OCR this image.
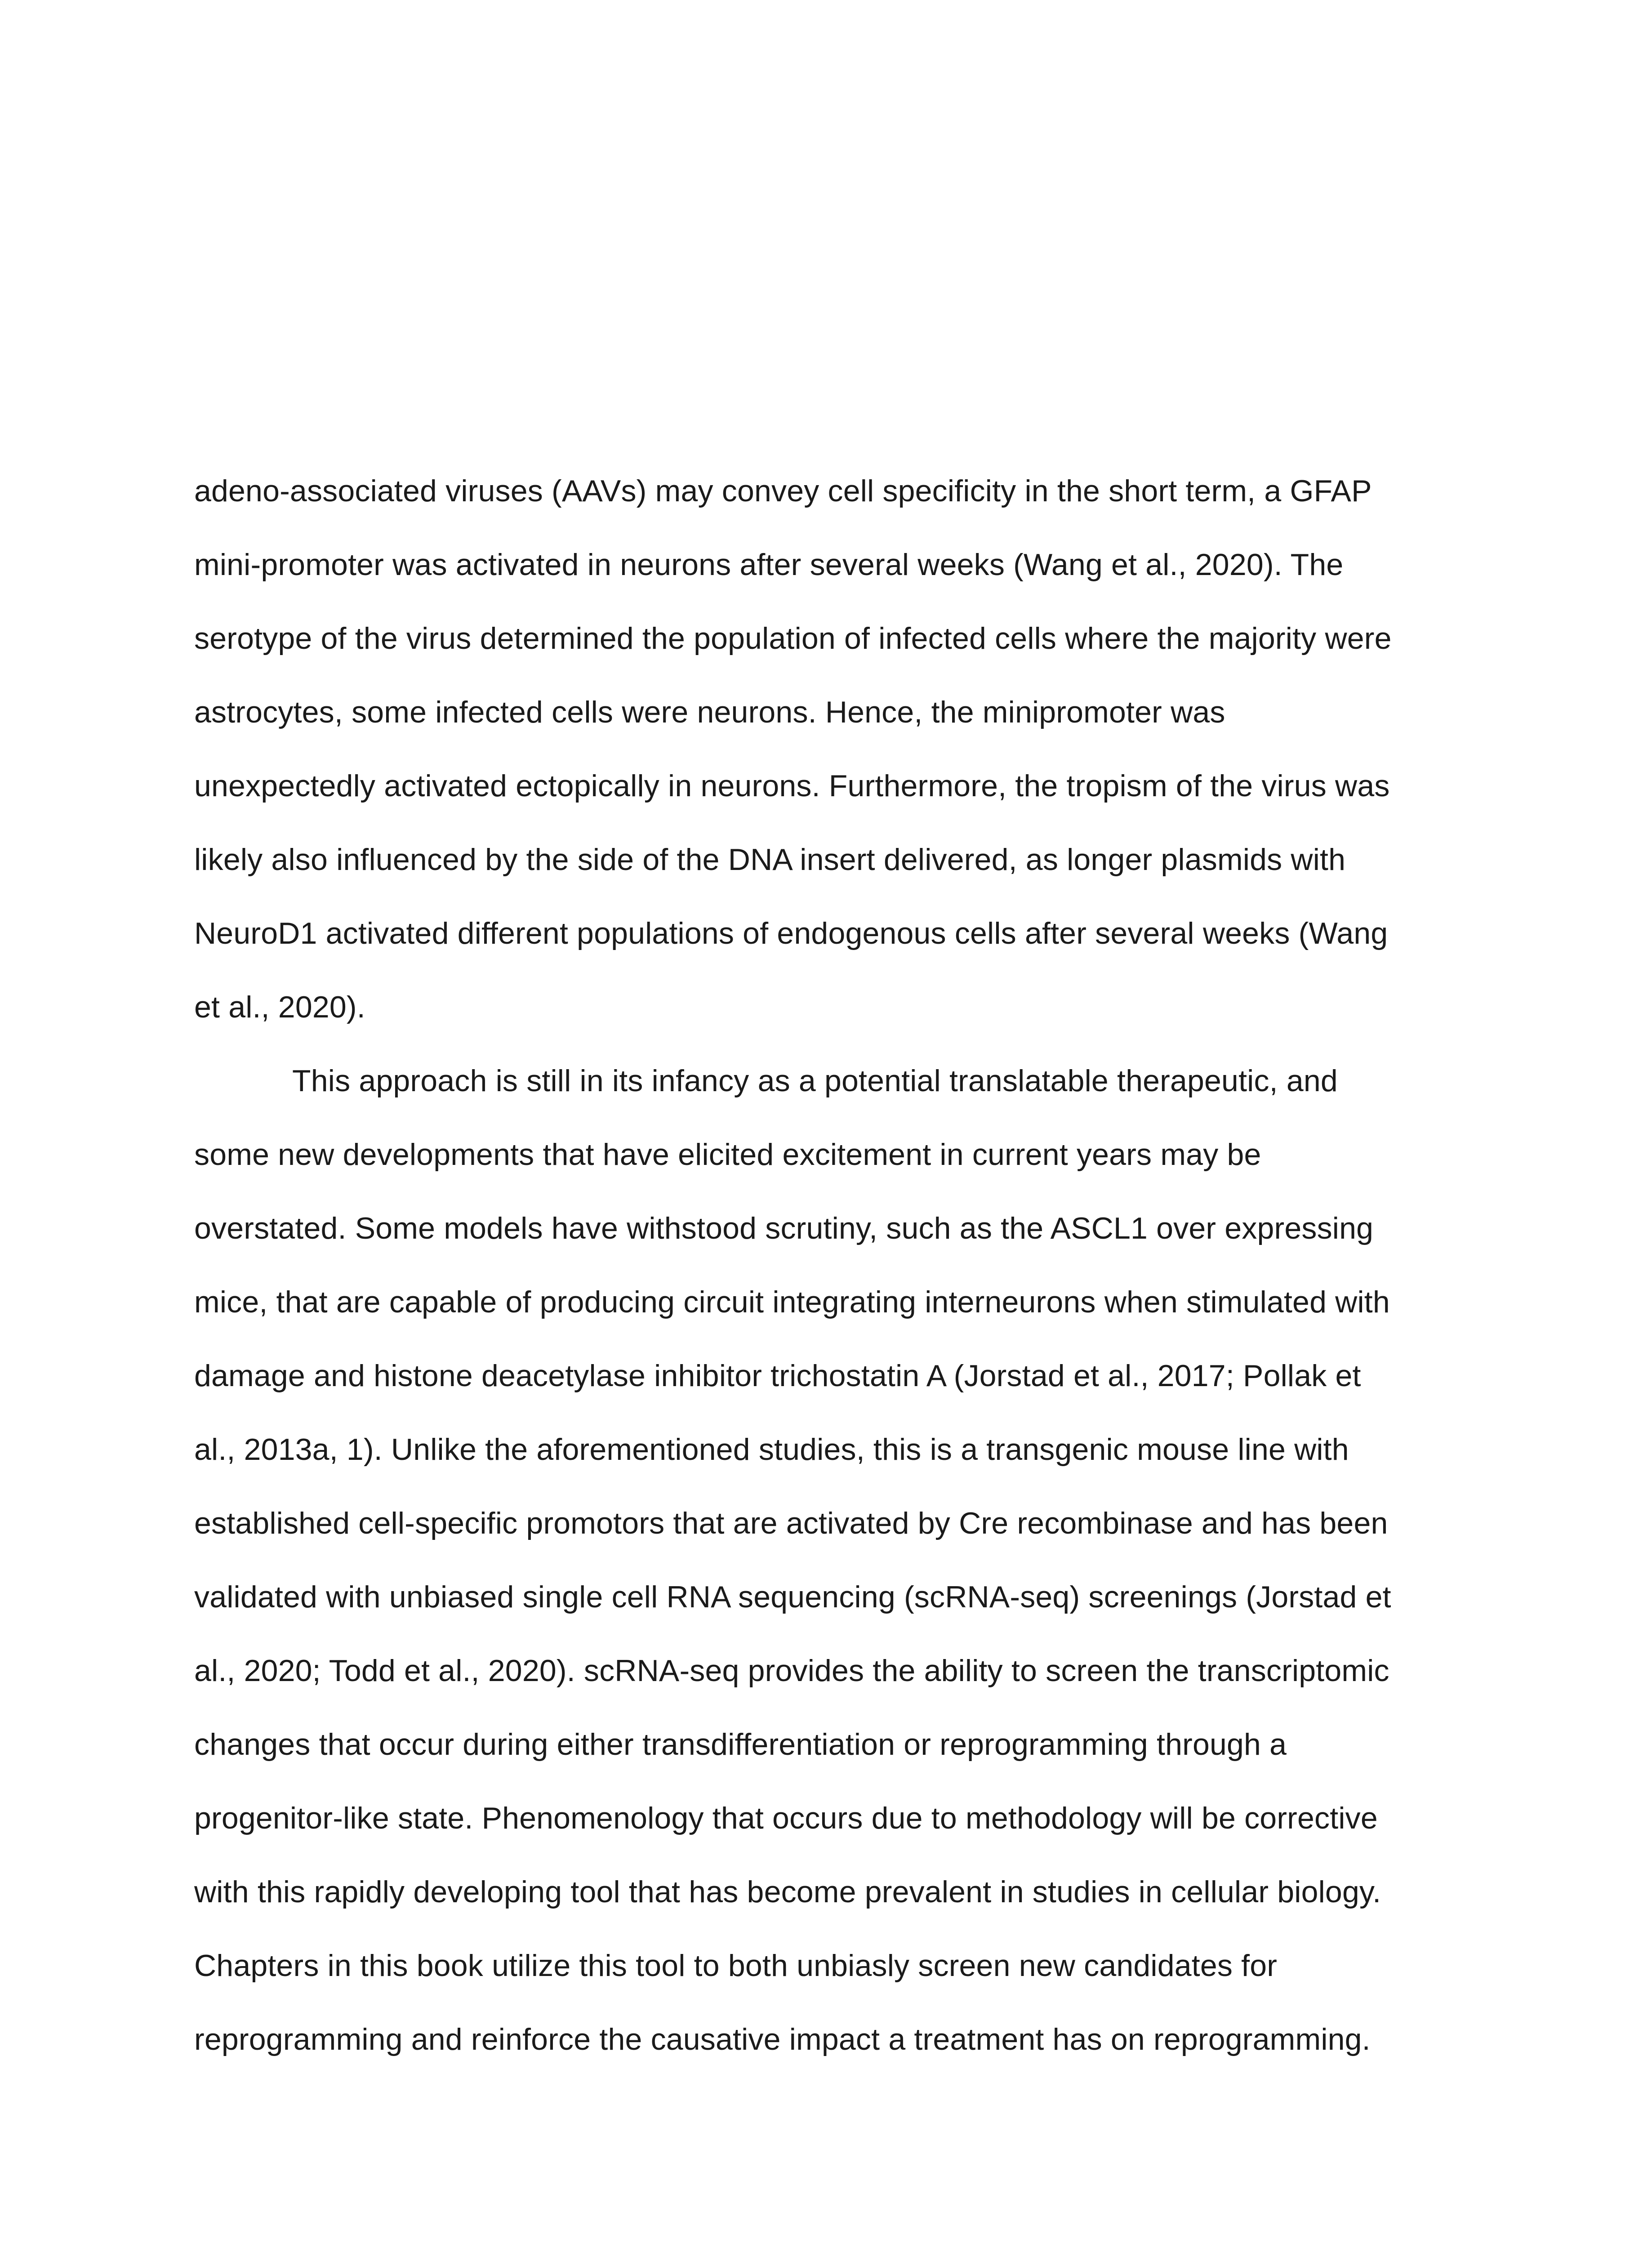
adeno-associated viruses (AAVs) may convey cell specificity in the short term, a GFAP
mini-promoter was activated in neurons after several weeks (Wang et al., 2020). The
serotype of the virus determined the population of infected cells where the majority were
astrocytes, some infected cells were neurons. Hence, the minipromoter was
unexpectedly activated ectopically in neurons. Furthermore, the tropism of the virus was
likely also influenced by the side of the DNA insert delivered, as longer plasmids with
NeuroD1 activated different populations of endogenous cells after several weeks (Wang
et al., 2020).
This approach is still in its infancy as a potential translatable therapeutic, and
some new developments that have elicited excitement in current years may be
overstated. Some models have withstood scrutiny, such as the ASCL1 over expressing
mice, that are capable of producing circuit integrating interneurons when stimulated with
damage and histone deacetylase inhibitor trichostatin A (Jorstad et al., 2017; Pollak et
al., 2013a, 1). Unlike the aforementioned studies, this is a transgenic mouse line with
established cell-specific promotors that are activated by Cre recombinase and has been
validated with unbiased single cell RNA sequencing (scRNA-seq) screenings (Jorstad et
al., 2020; Todd et al., 2020). scRNA-seq provides the ability to screen the transcriptomic
changes that occur during either transdifferentiation or reprogramming through a
progenitor-like state. Phenomenology that occurs due to methodology will be corrective
with this rapidly developing tool that has become prevalent in studies in cellular biology.
Chapters in this book utilize this tool to both unbiasly screen new candidates for
reprogramming and reinforce the causative impact a treatment has on reprogramming.
